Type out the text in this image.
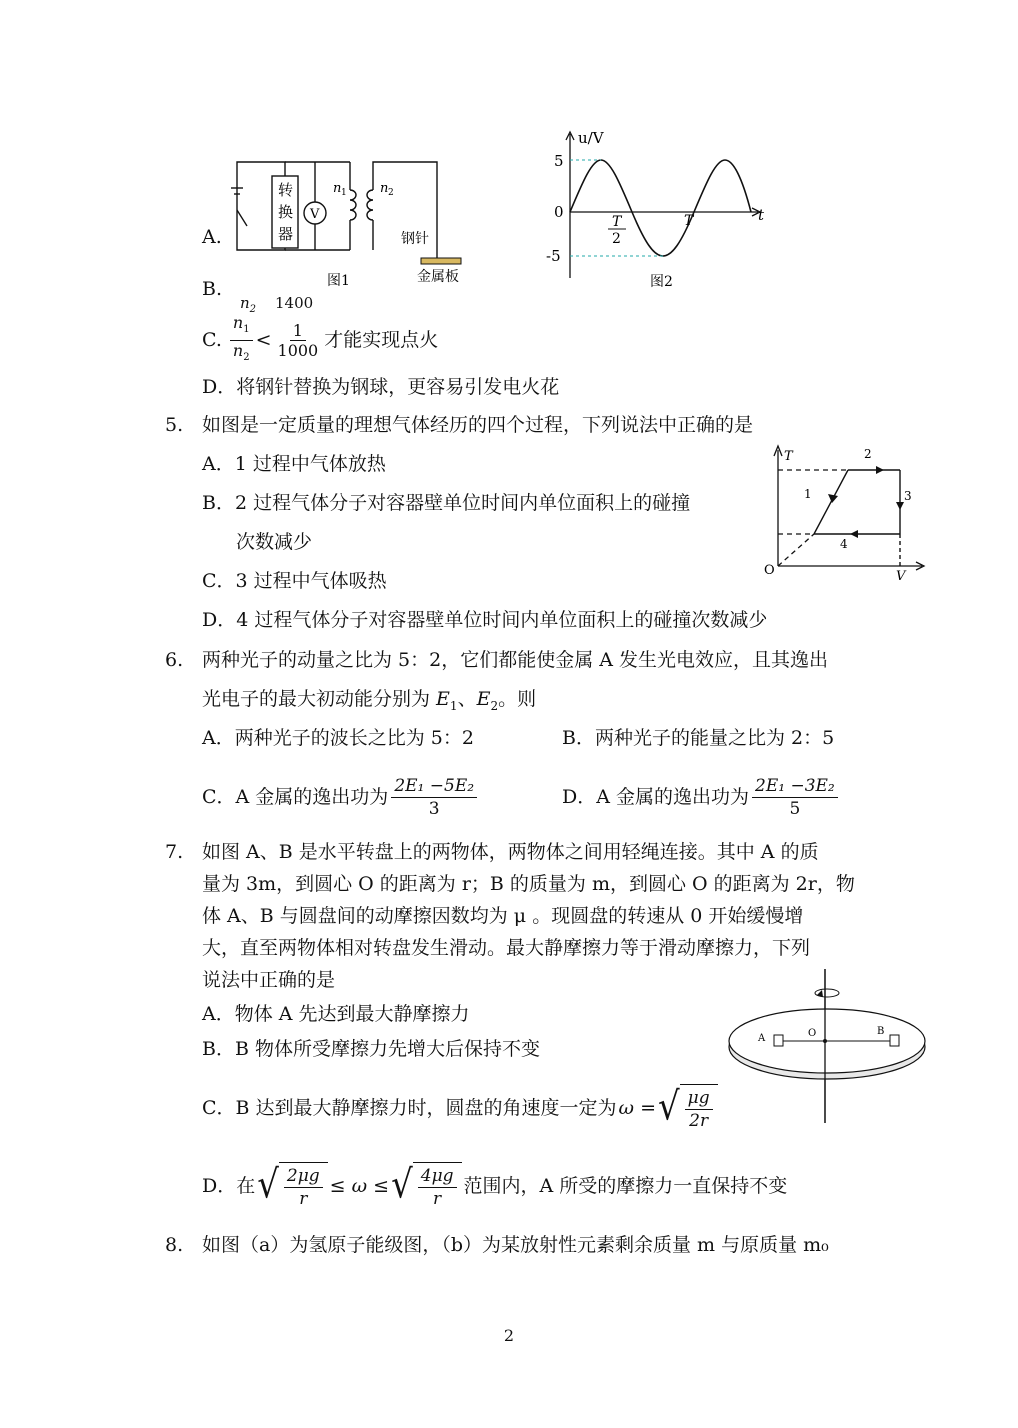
转
换
器
V
n 1	n 2
钢针
金属板
图1
u/V
t
5
0
-5
T
2
T
图2
A.
B.
$n_2$ 1400
C. $\frac{n_1}{n_2} < \frac{1}{1000}$ 才能实现点火
D．将钢针替换为钢球，更容易引发电火花
5. 如图是一定质量的理想气体经历的四个过程，下列说法中正确的是
A．1 过程中气体放热
B．2 过程气体分子对容器壁单位时间内单位面积上的碰撞
次数减少
C．3 过程中气体吸热
D．4 过程气体分子对容器壁单位时间内单位面积上的碰撞次数减少
T
V
O
1
2
3
4
6. 两种光子的动量之比为 5：2，它们都能使金属 A 发生光电效应，且其逸出
光电子的最大初动能分别为 $E_1$、$E_2$。则
A．两种光子的波长之比为 5：2	B．两种光子的能量之比为 2：5
C．A 金属的逸出功为 $\frac{\text{2E₁ −5E₂}}{3}$	D．A 金属的逸出功为 $\frac{\text{2E₁ −3E₂}}{5}$
7. 如图 A、B 是水平转盘上的两物体，两物体之间用轻绳连接。其中 A 的质
量为 3m，到圆心 O 的距离为 r；B 的质量为 m，到圆心 O 的距离为 2r，物
体 A、B 与圆盘间的动摩擦因数均为 μ 。现圆盘的转速从 0 开始缓慢增
大，直至两物体相对转盘发生滑动。最大静摩擦力等于滑动摩擦力，下列
说法中正确的是
A．物体 A 先达到最大静摩擦力
B．B 物体所受摩擦力先增大后保持不变
C．B 达到最大静摩擦力时，圆盘的角速度一定为 ω = √ $\frac{\mu g}{2r}$
D．在 √ $\frac{2\mu g}{r} \le \omega$ ≤ √ $\frac{4\mu g}{r}$ 范围内，A 所受的摩擦力一直保持不变
A	O	B
8. 如图（a）为氢原子能级图，（b）为某放射性元素剩余质量 m 与原质量 m₀
2
